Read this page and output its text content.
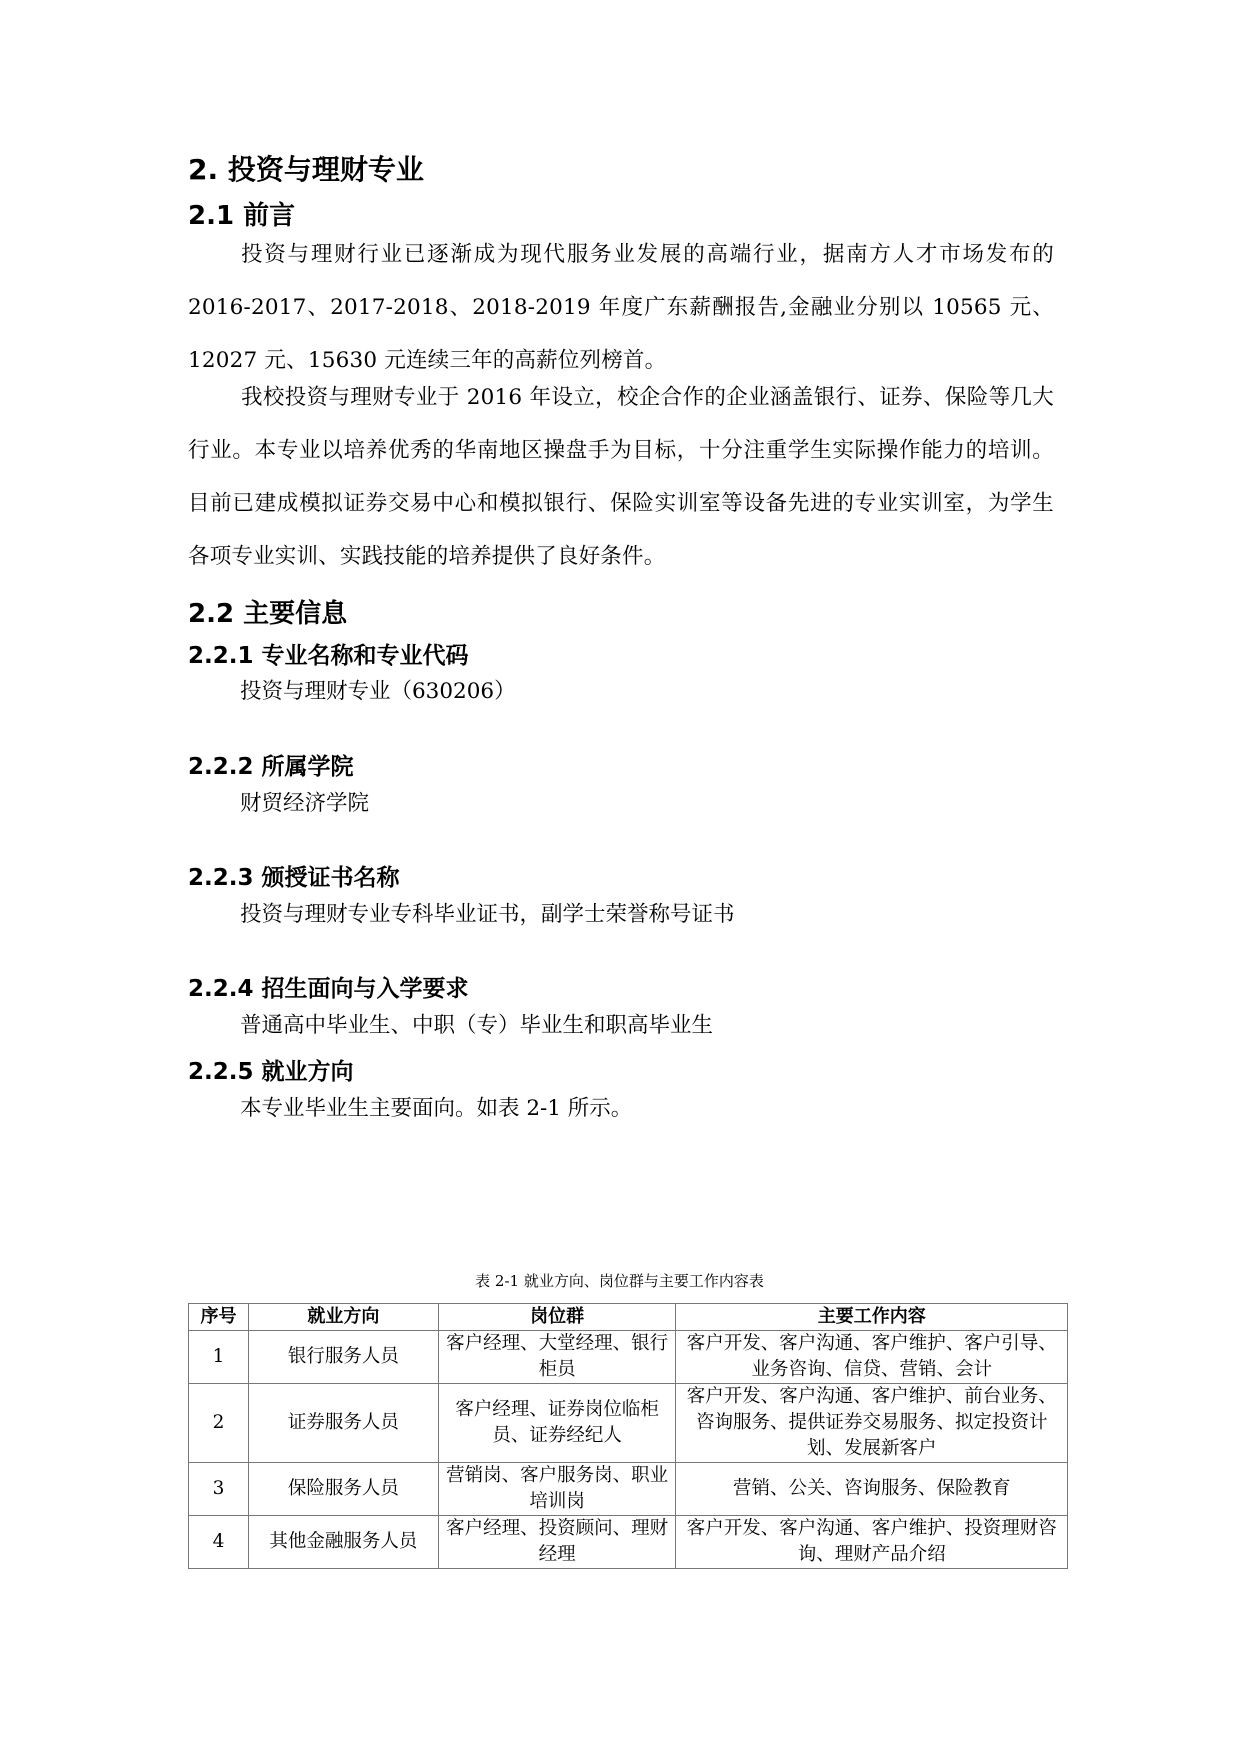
2. 投资与理财专业
2.1 前言
投资与理财行业已逐渐成为现代服务业发展的高端行业，据南方人才市场发布的 2016-2017、2017-2018、2018-2019 年度广东薪酬报告,金融业分别以 10565 元、12027 元、15630 元连续三年的高薪位列榜首。
我校投资与理财专业于 2016 年设立，校企合作的企业涵盖银行、证券、保险等几大行业。本专业以培养优秀的华南地区操盘手为目标，十分注重学生实际操作能力的培训。目前已建成模拟证券交易中心和模拟银行、保险实训室等设备先进的专业实训室，为学生各项专业实训、实践技能的培养提供了良好条件。
2.2 主要信息
2.2.1 专业名称和专业代码
投资与理财专业（630206）
2.2.2 所属学院
财贸经济学院
2.2.3 颁授证书名称
投资与理财专业专科毕业证书，副学士荣誉称号证书
2.2.4 招生面向与入学要求
普通高中毕业生、中职（专）毕业生和职高毕业生
2.2.5 就业方向
本专业毕业生主要面向。如表 2-1 所示。
表 2-1 就业方向、岗位群与主要工作内容表
序号	就业方向	岗位群	主要工作内容
1	银行服务人员	客户经理、大堂经理、银行柜员	客户开发、客户沟通、客户维护、客户引导、业务咨询、信贷、营销、会计
2	证券服务人员	客户经理、证券岗位临柜员、证券经纪人	客户开发、客户沟通、客户维护、前台业务、咨询服务、提供证券交易服务、拟定投资计划、发展新客户
3	保险服务人员	营销岗、客户服务岗、职业培训岗	营销、公关、咨询服务、保险教育
4	其他金融服务人员	客户经理、投资顾问、理财经理	客户开发、客户沟通、客户维护、投资理财咨询、理财产品介绍
